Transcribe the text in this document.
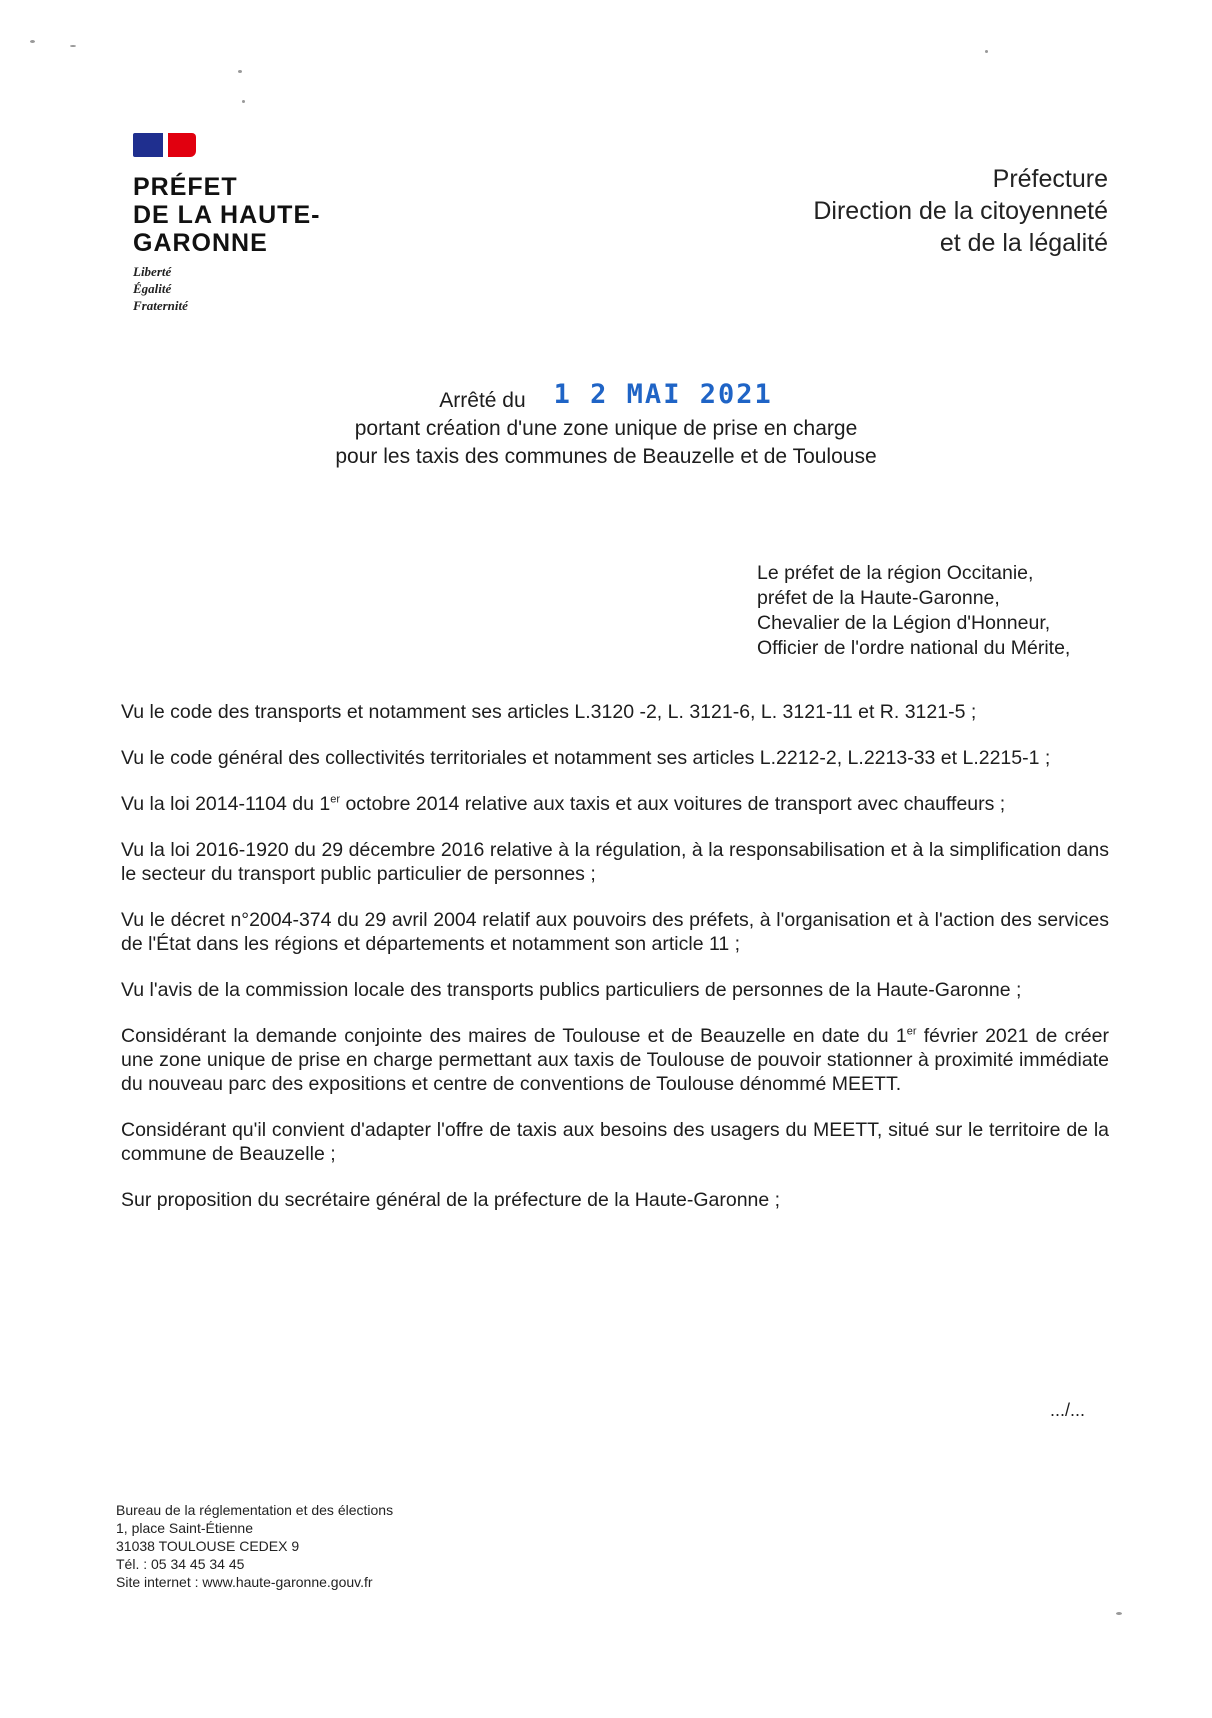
PRÉFET
DE LA HAUTE-
GARONNE
Liberté
Égalité
Fraternité
Préfecture
Direction de la citoyenneté
et de la légalité
Arrêté du 1 2 MAI 2021
portant création d'une zone unique de prise en charge
pour les taxis des communes de Beauzelle et de Toulouse
Le préfet de la région Occitanie,
préfet de la Haute-Garonne,
Chevalier de la Légion d'Honneur,
Officier de l'ordre national du Mérite,

Vu le code des transports et notamment ses articles L.3120 -2, L. 3121-6, L. 3121-11 et R. 3121-5 ;

Vu le code général des collectivités territoriales et notamment ses articles L.2212-2, L.2213-33 et L.2215-1 ;

Vu la loi 2014-1104 du 1er octobre 2014 relative aux taxis et aux voitures de transport avec chauffeurs ;

Vu la loi 2016-1920 du 29 décembre 2016 relative à la régulation, à la responsabilisation et à la simplification dans le secteur du transport public particulier de personnes ;

Vu le décret n°2004-374 du 29 avril 2004 relatif aux pouvoirs des préfets, à l'organisation et à l'action des services de l'État dans les régions et départements et notamment son article 11 ;

Vu l'avis de la commission locale des transports publics particuliers de personnes de la Haute-Garonne ;

Considérant la demande conjointe des maires de Toulouse et de Beauzelle en date du 1er février 2021 de créer une zone unique de prise en charge permettant aux taxis de Toulouse de pouvoir stationner à proximité immédiate du nouveau parc des expositions et centre de conventions de Toulouse dénommé MEETT.

Considérant qu'il convient d'adapter l'offre de taxis aux besoins des usagers du MEETT, situé sur le territoire de la commune de Beauzelle ;

Sur proposition du secrétaire général de la préfecture de la Haute-Garonne ;

.../...
Bureau de la réglementation et des élections
1, place Saint-Étienne
31038 TOULOUSE CEDEX 9
Tél. : 05 34 45 34 45
Site internet : www.haute-garonne.gouv.fr
